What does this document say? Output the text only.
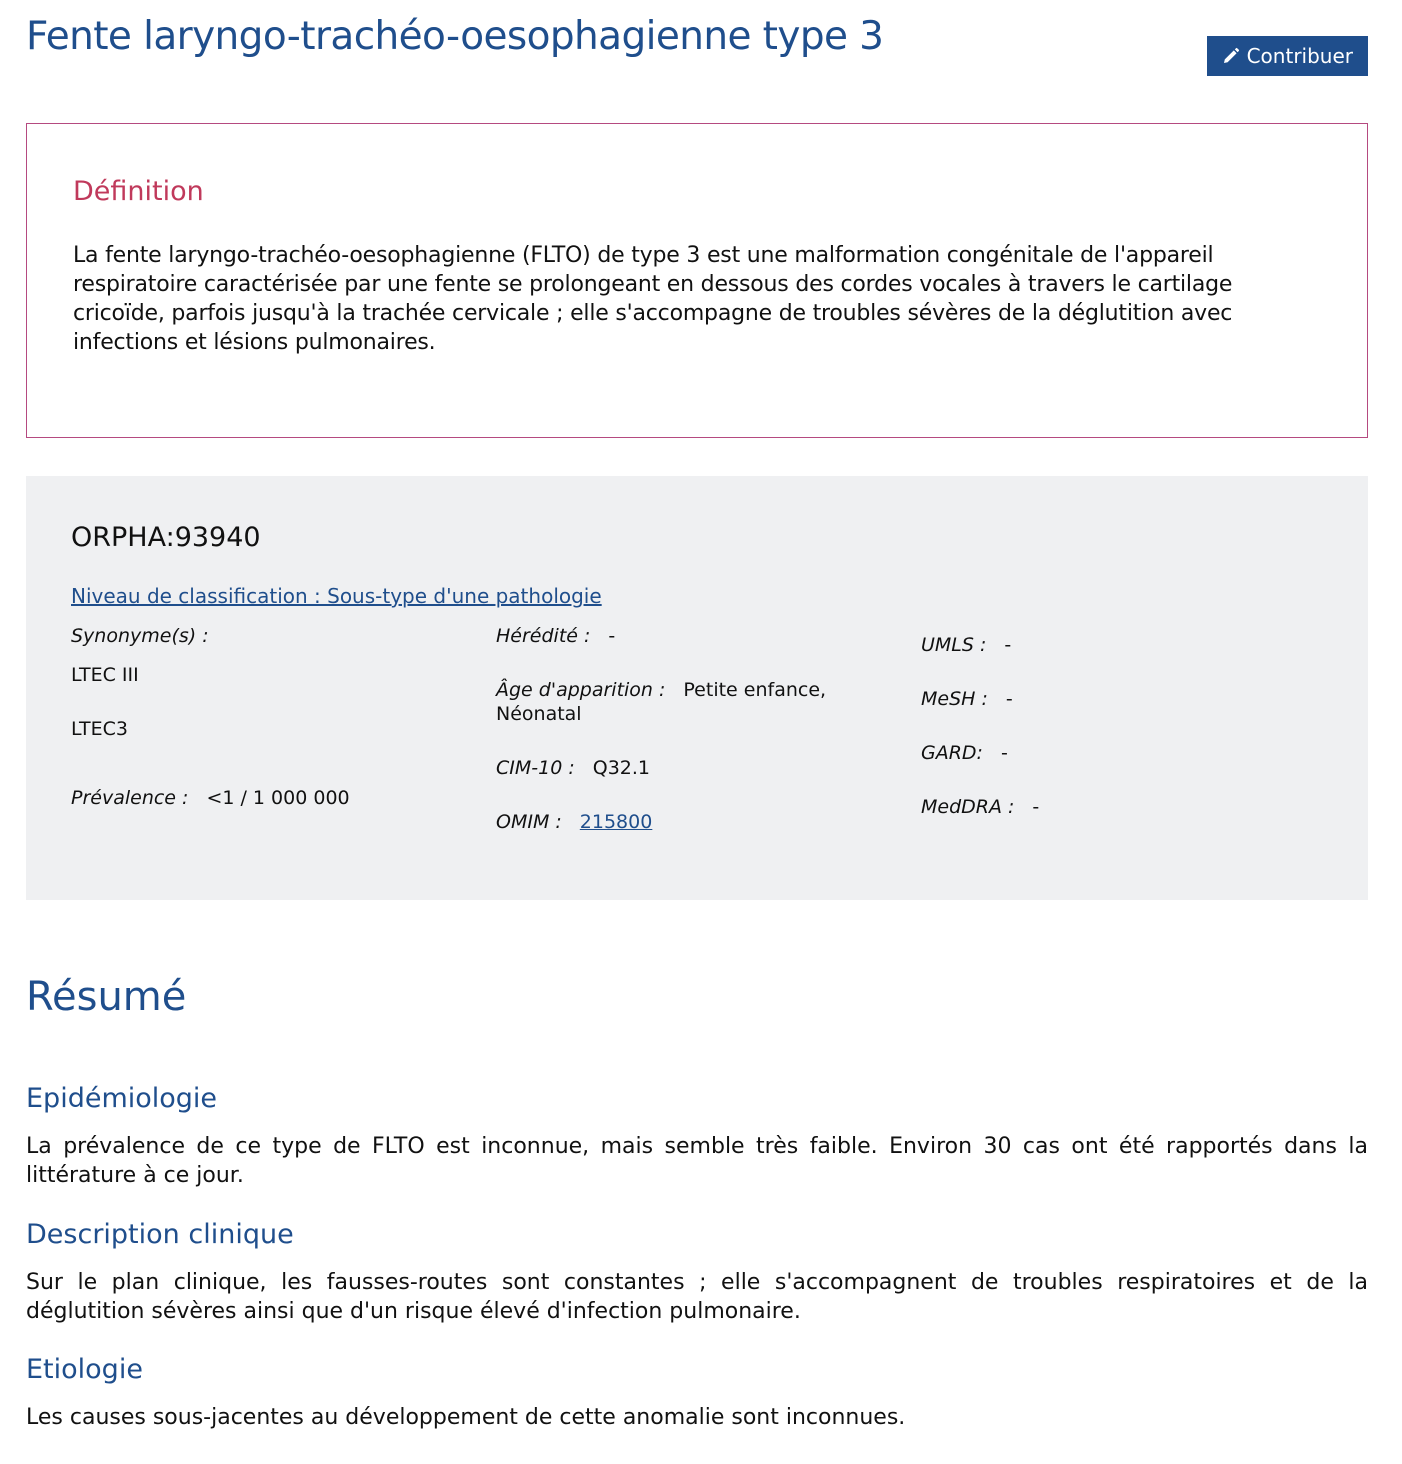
Fente laryngo-trachéo-oesophagienne type 3	Contribuer
Définition

La fente laryngo-trachéo-oesophagienne (FLTO) de type 3 est une malformation congénitale de l'appareil respiratoire caractérisée par une fente se prolongeant en dessous des cordes vocales à travers le cartilage cricoïde, parfois jusqu'à la trachée cervicale ; elle s'accompagne de troubles sévères de la déglutition avec infections et lésions pulmonaires.

ORPHA:93940
Niveau de classification : Sous-type d'une pathologie
Synonyme(s) :
LTEC III
LTEC3
Prévalence : <1 / 1 000 000
Hérédité : -
Âge d'apparition : Petite enfance,
Néonatal
CIM-10 : Q32.1
OMIM : 215800
UMLS : -
MeSH : -
GARD: -
MedDRA : -
Résumé
Epidémiologie

La prévalence de ce type de FLTO est inconnue, mais semble très faible. Environ 30 cas ont été rapportés dans la littérature à ce jour.

Description clinique

Sur le plan clinique, les fausses-routes sont constantes ; elle s'accompagnent de troubles respiratoires et de la déglutition sévères ainsi que d'un risque élevé d'infection pulmonaire.

Etiologie

Les causes sous-jacentes au développement de cette anomalie sont inconnues.
